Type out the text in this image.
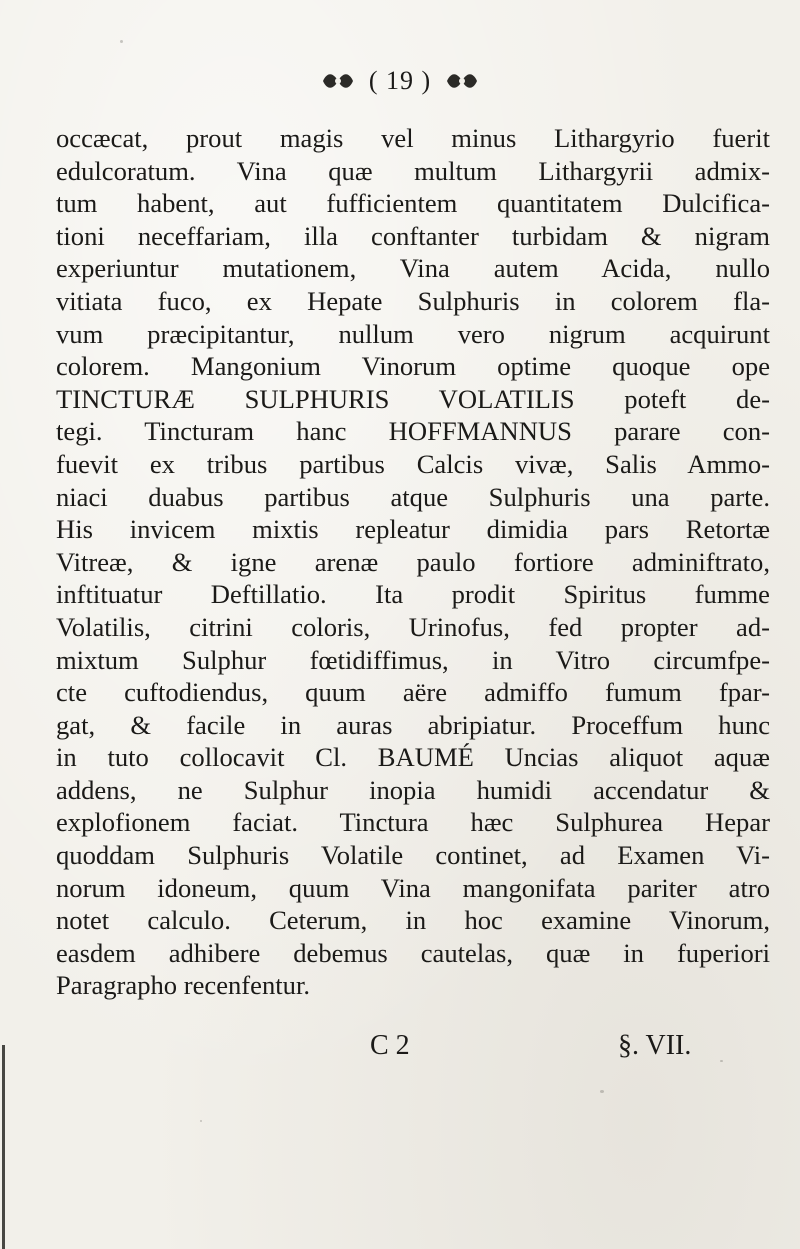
( 19 )
occæcat, prout magis vel minus Lithargyrio fuerit
edulcoratum. Vina quæ multum Lithargyrii admix-
tum habent, aut fufficientem quantitatem Dulcifica-
tioni neceffariam, illa conftanter turbidam & nigram
experiuntur mutationem, Vina autem Acida, nullo
vitiata fuco, ex Hepate Sulphuris in colorem fla-
vum præcipitantur, nullum vero nigrum acquirunt
colorem. Mangonium Vinorum optime quoque ope
TINCTURÆ SULPHURIS VOLATILIS poteft de-
tegi. Tincturam hanc HOFFMANNUS parare con-
fuevit ex tribus partibus Calcis vivæ, Salis Ammo-
niaci duabus partibus atque Sulphuris una parte.
His invicem mixtis repleatur dimidia pars Retortæ
Vitreæ, & igne arenæ paulo fortiore adminiftrato,
inftituatur Deftillatio. Ita prodit Spiritus fumme
Volatilis, citrini coloris, Urinofus, fed propter ad-
mixtum Sulphur fœtidiffimus, in Vitro circumfpe-
cte cuftodiendus, quum aëre admiffo fumum fpar-
gat, & facile in auras abripiatur. Proceffum hunc
in tuto collocavit Cl. BAUMÉ Uncias aliquot aquæ
addens, ne Sulphur inopia humidi accendatur &
explofionem faciat. Tinctura hæc Sulphurea Hepar
quoddam Sulphuris Volatile continet, ad Examen Vi-
norum idoneum, quum Vina mangonifata pariter atro
notet calculo. Ceterum, in hoc examine Vinorum,
easdem adhibere debemus cautelas, quæ in fuperiori
Paragrapho recenfentur.
C 2	§. VII.
